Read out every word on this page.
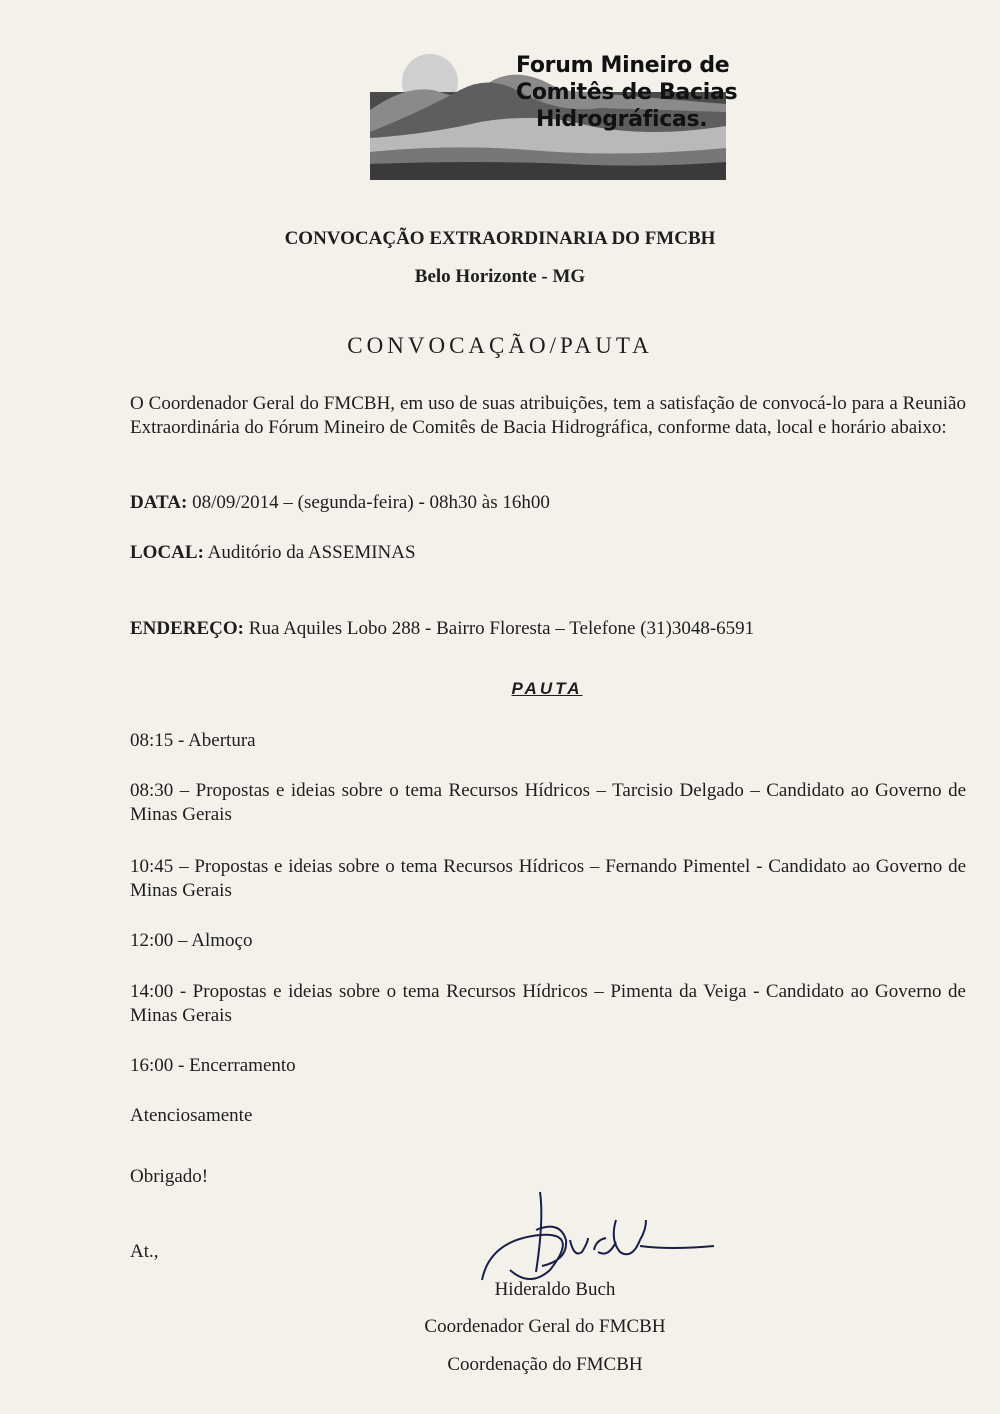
Forum Mineiro de
Comitês de Bacias
Hidrográficas.
CONVOCAÇÃO EXTRAORDINARIA DO FMCBH
Belo Horizonte - MG
CONVOCAÇÃO/PAUTA
O Coordenador Geral do FMCBH, em uso de suas atribuições, tem a satisfação de convocá-lo para a Reunião Extraordinária do Fórum Mineiro de Comitês de Bacia Hidrográfica, conforme data, local e horário abaixo:
DATA: 08/09/2014 – (segunda-feira) - 08h30 às 16h00
LOCAL: Auditório da ASSEMINAS
ENDEREÇO: Rua Aquiles Lobo 288 - Bairro Floresta – Telefone (31)3048-6591
PAUTA
08:15 - Abertura
08:30 – Propostas e ideias sobre o tema Recursos Hídricos – Tarcisio Delgado – Candidato ao Governo de Minas Gerais
10:45 – Propostas e ideias sobre o tema Recursos Hídricos – Fernando Pimentel - Candidato ao Governo de Minas Gerais
12:00 – Almoço
14:00 - Propostas e ideias sobre o tema Recursos Hídricos – Pimenta da Veiga - Candidato ao Governo de Minas Gerais
16:00 - Encerramento
Atenciosamente
Obrigado!
At.,
Hideraldo Buch
Coordenador Geral do FMCBH
Coordenação do FMCBH
